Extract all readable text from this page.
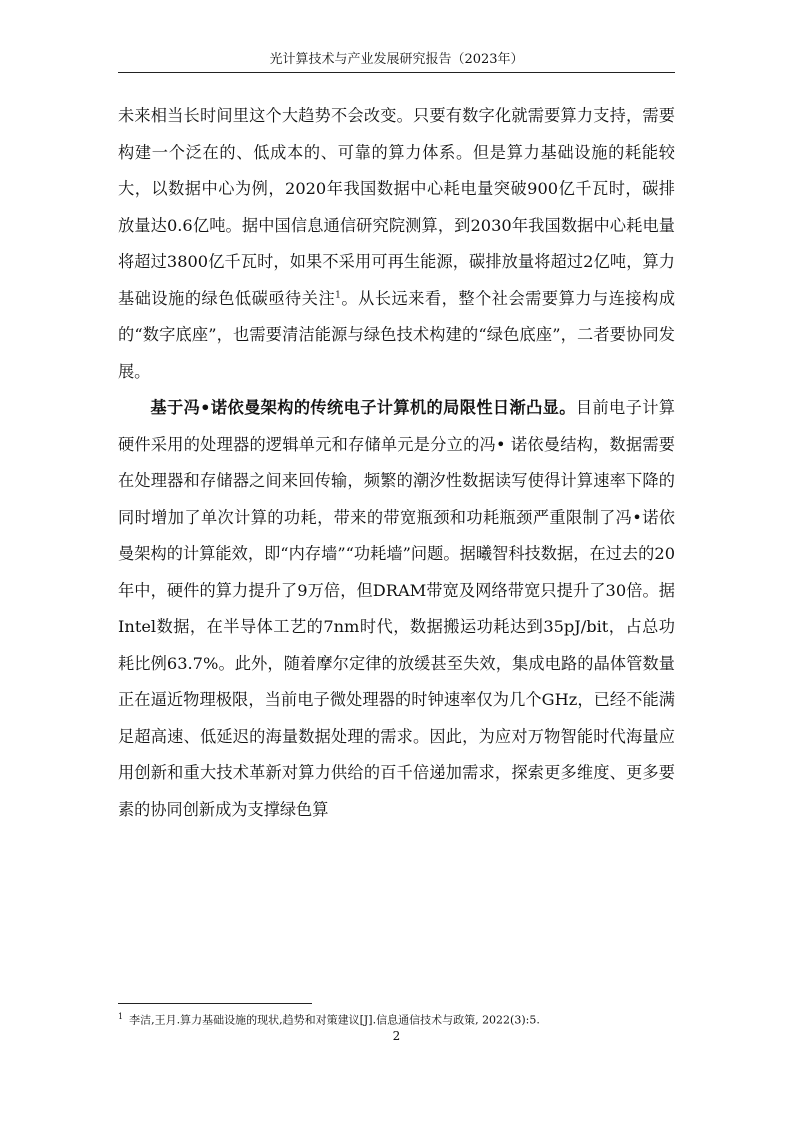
光计算技术与产业发展研究报告（2023年）

未来相当长时间里这个大趋势不会改变。只要有数字化就需要算力支持，需要构建一个泛在的、低成本的、可靠的算力体系。但是算力基础设施的耗能较大，以数据中心为例，2020年我国数据中心耗电量突破900亿千瓦时，碳排放量达0.6亿吨。据中国信息通信研究院测算，到2030年我国数据中心耗电量将超过3800亿千瓦时，如果不采用可再生能源，碳排放量将超过2亿吨，算力基础设施的绿色低碳亟待关注$^1$。从长远来看，整个社会需要算力与连接构成的“数字底座”，也需要清洁能源与绿色技术构建的“绿色底座”，二者要协同发展。

基于冯•诺依曼架构的传统电子计算机的局限性日渐凸显。目前电子计算硬件采用的处理器的逻辑单元和存储单元是分立的冯• 诺依曼结构，数据需要在处理器和存储器之间来回传输，频繁的潮汐性数据读写使得计算速率下降的同时增加了单次计算的功耗，带来的带宽瓶颈和功耗瓶颈严重限制了冯•诺依曼架构的计算能效，即“内存墙”“功耗墙”问题。据曦智科技数据，在过去的20年中，硬件的算力提升了9万倍，但DRAM带宽及网络带宽只提升了30倍。据Intel数据，在半导体工艺的7nm时代，数据搬运功耗达到35pJ/bit，占总功耗比例63.7%。此外，随着摩尔定律的放缓甚至失效，集成电路的晶体管数量正在逼近物理极限，当前电子微处理器的时钟速率仅为几个GHz，已经不能满足超高速、低延迟的海量数据处理的需求。因此，为应对万物智能时代海量应用创新和重大技术革新对算力供给的百千倍递加需求，探索更多维度、更多要素的协同创新成为支撑绿色算

$^1$ 李洁,王月.算力基础设施的现状,趋势和对策建议[J].信息通信技术与政策, 2022(3):5.
2
